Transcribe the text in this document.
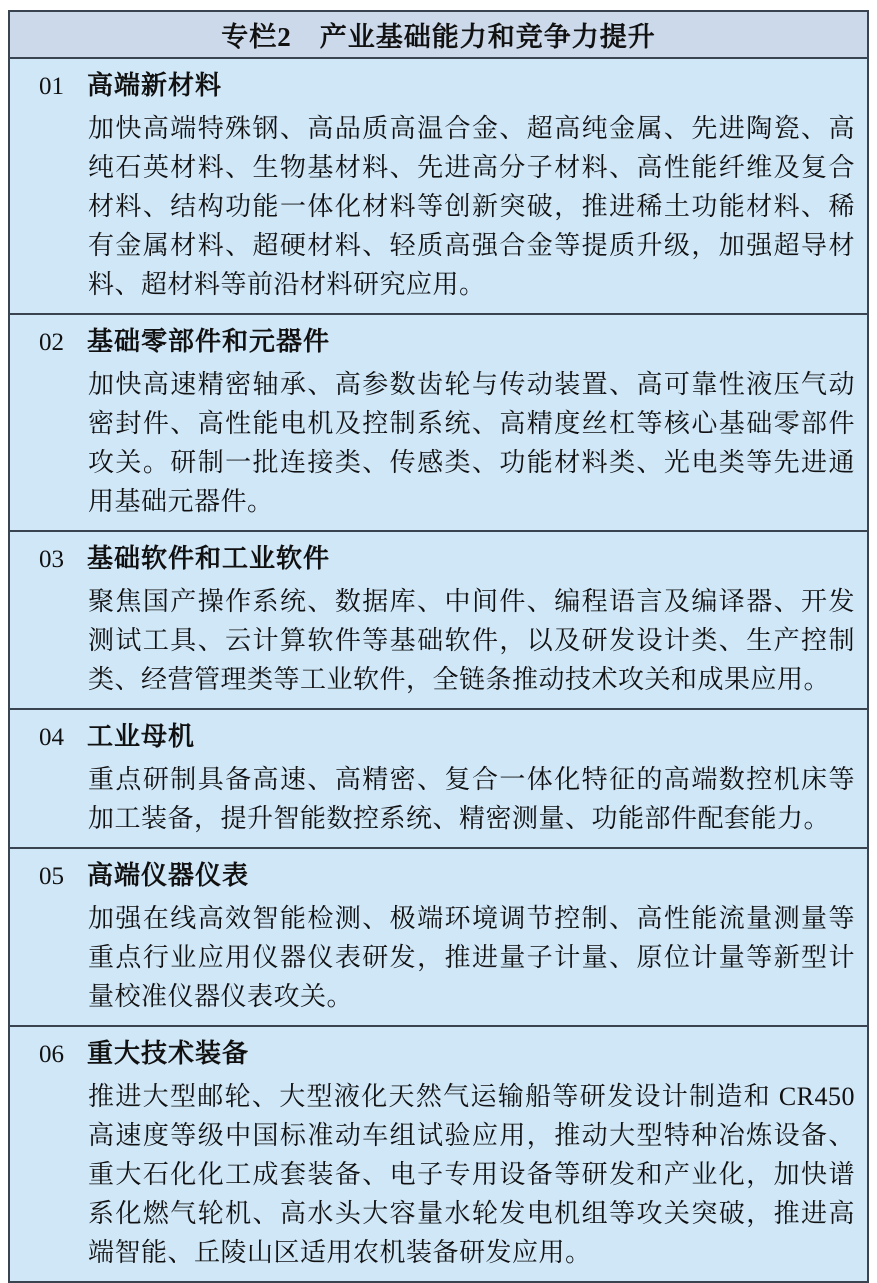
专栏2　产业基础能力和竞争力提升
01 高端新材料

加快高端特殊钢、高品质高温合金、超高纯金属、先进陶瓷、高纯石英材料、生物基材料、先进高分子材料、高性能纤维及复合材料、结构功能一体化材料等创新突破，推进稀土功能材料、稀有金属材料、超硬材料、轻质高强合金等提质升级，加强超导材料、超材料等前沿材料研究应用。

02 基础零部件和元器件

加快高速精密轴承、高参数齿轮与传动装置、高可靠性液压气动密封件、高性能电机及控制系统、高精度丝杠等核心基础零部件攻关。研制一批连接类、传感类、功能材料类、光电类等先进通用基础元器件。

03 基础软件和工业软件

聚焦国产操作系统、数据库、中间件、编程语言及编译器、开发测试工具、云计算软件等基础软件，以及研发设计类、生产控制类、经营管理类等工业软件，全链条推动技术攻关和成果应用。

04 工业母机

重点研制具备高速、高精密、复合一体化特征的高端数控机床等加工装备，提升智能数控系统、精密测量、功能部件配套能力。

05 高端仪器仪表

加强在线高效智能检测、极端环境调节控制、高性能流量测量等重点行业应用仪器仪表研发，推进量子计量、原位计量等新型计量校准仪器仪表攻关。

06 重大技术装备

推进大型邮轮、大型液化天然气运输船等研发设计制造和 CR450 高速度等级中国标准动车组试验应用，推动大型特种冶炼设备、重大石化化工成套装备、电子专用设备等研发和产业化，加快谱系化燃气轮机、高水头大容量水轮发电机组等攻关突破，推进高端智能、丘陵山区适用农机装备研发应用。
